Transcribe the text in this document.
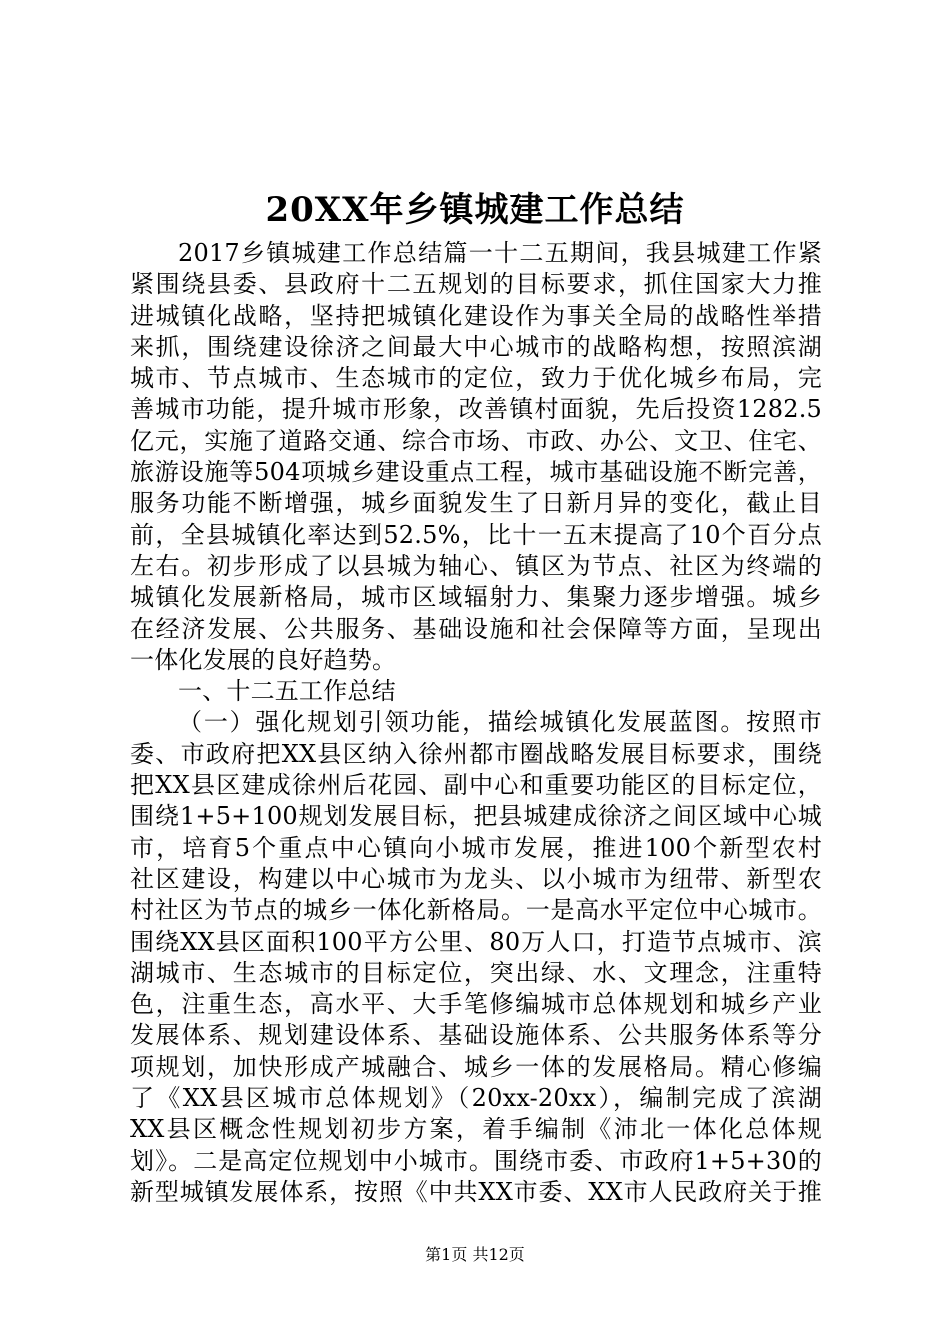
20XX年乡镇城建工作总结
2017乡镇城建工作总结篇一十二五期间，我县城建工作紧
紧围绕县委、县政府十二五规划的目标要求，抓住国家大力推
进城镇化战略，坚持把城镇化建设作为事关全局的战略性举措
来抓，围绕建设徐济之间最大中心城市的战略构想，按照滨湖
城市、节点城市、生态城市的定位，致力于优化城乡布局，完
善城市功能，提升城市形象，改善镇村面貌，先后投资1282.5
亿元，实施了道路交通、综合市场、市政、办公、文卫、住宅、
旅游设施等504项城乡建设重点工程，城市基础设施不断完善，
服务功能不断增强，城乡面貌发生了日新月异的变化，截止目
前，全县城镇化率达到52.5%，比十一五末提高了10个百分点
左右。初步形成了以县城为轴心、镇区为节点、社区为终端的
城镇化发展新格局，城市区域辐射力、集聚力逐步增强。城乡
在经济发展、公共服务、基础设施和社会保障等方面，呈现出
一体化发展的良好趋势。
一、十二五工作总结
（一）强化规划引领功能，描绘城镇化发展蓝图。按照市
委、市政府把XX县区纳入徐州都市圈战略发展目标要求，围绕
把XX县区建成徐州后花园、副中心和重要功能区的目标定位，
围绕1+5+100规划发展目标，把县城建成徐济之间区域中心城
市，培育5个重点中心镇向小城市发展，推进100个新型农村
社区建设，构建以中心城市为龙头、以小城市为纽带、新型农
村社区为节点的城乡一体化新格局。一是高水平定位中心城市。
围绕XX县区面积100平方公里、80万人口，打造节点城市、滨
湖城市、生态城市的目标定位，突出绿、水、文理念，注重特
色，注重生态，高水平、大手笔修编城市总体规划和城乡产业
发展体系、规划建设体系、基础设施体系、公共服务体系等分
项规划，加快形成产城融合、城乡一体的发展格局。精心修编
了《XX县区城市总体规划》（20xx-20xx），编制完成了滨湖
XX县区概念性规划初步方案，着手编制《沛北一体化总体规
划》。二是高定位规划中小城市。围绕市委、市政府1+5+30的
新型城镇发展体系，按照《中共XX市委、XX市人民政府关于推
第1页 共12页
